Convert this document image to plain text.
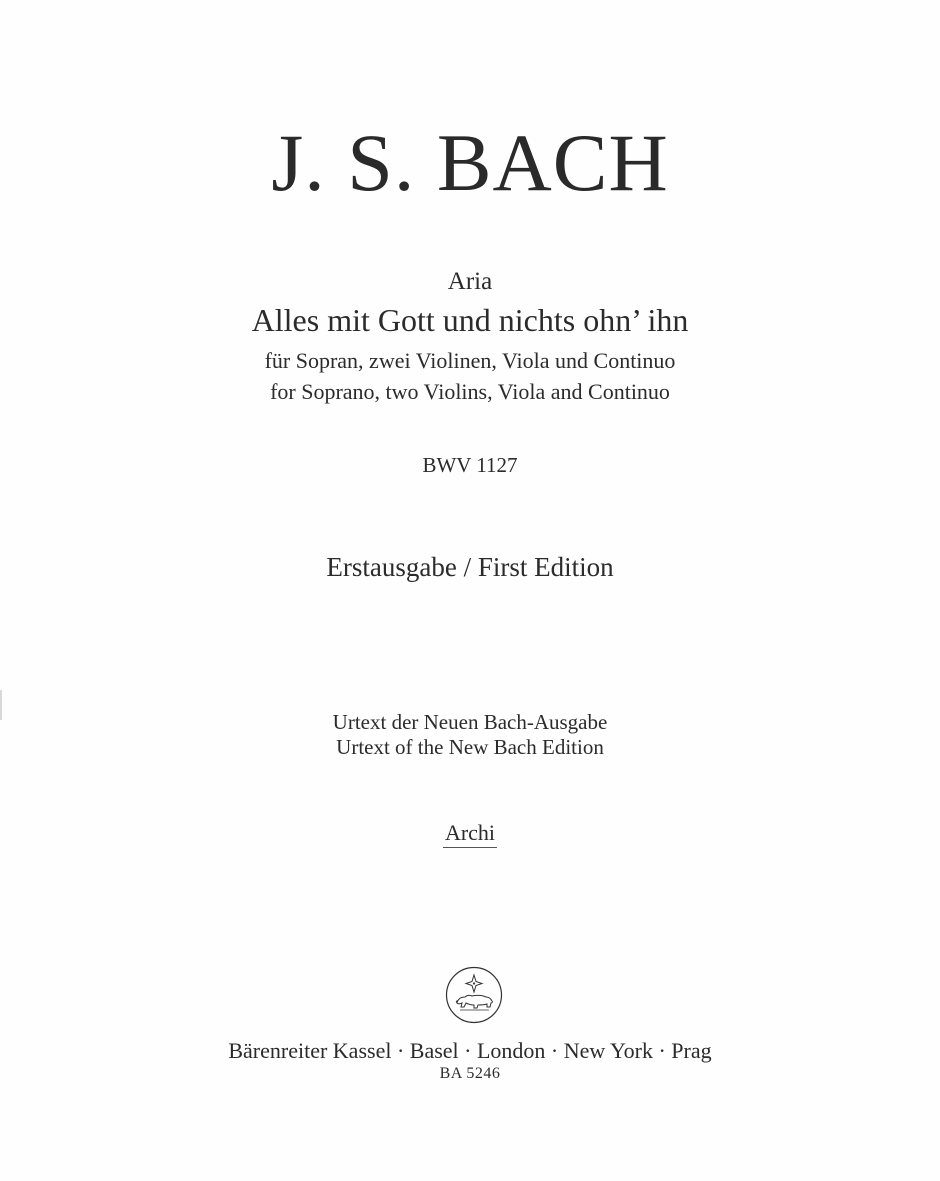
J. S. BACH
Aria
Alles mit Gott und nichts ohn’ ihn
für Sopran, zwei Violinen, Viola und Continuo
for Soprano, two Violins, Viola and Continuo
BWV 1127
Erstausgabe / First Edition
Urtext der Neuen Bach-Ausgabe
Urtext of the New Bach Edition
Archi
Bärenreiter Kassel · Basel · London · New York · Prag
BA 5246
